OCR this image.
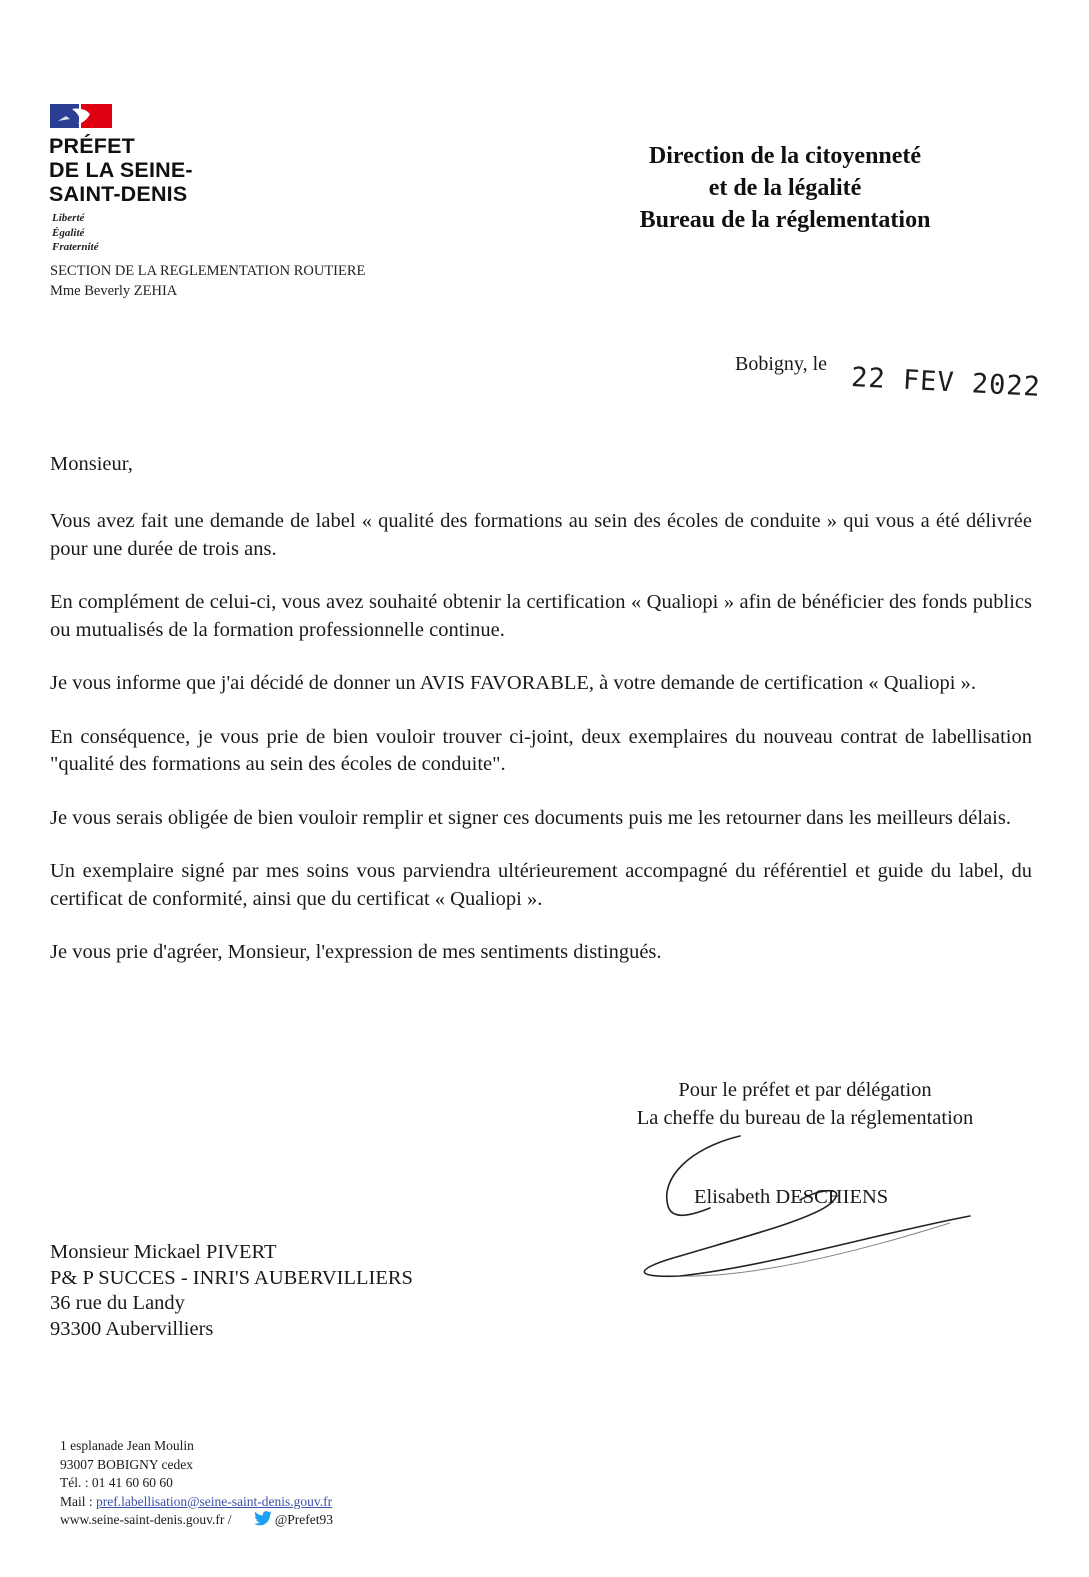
PRÉFET
DE LA SEINE-
SAINT-DENIS
Liberté
Égalité
Fraternité
SECTION DE LA REGLEMENTATION ROUTIERE
Mme Beverly ZEHIA
Direction de la citoyenneté
et de la légalité
Bureau de la réglementation
Bobigny, le 22 FEV 2022
Monsieur,

Vous avez fait une demande de label « qualité des formations au sein des écoles de conduite » qui vous a été délivrée pour une durée de trois ans.

En complément de celui-ci, vous avez souhaité obtenir la certification « Qualiopi » afin de bénéficier des fonds publics ou mutualisés de la formation professionnelle continue.

Je vous informe que j'ai décidé de donner un AVIS FAVORABLE, à votre demande de certification « Qualiopi ».

En conséquence, je vous prie de bien vouloir trouver ci-joint, deux exemplaires du nouveau contrat de labellisation "qualité des formations au sein des écoles de conduite".

Je vous serais obligée de bien vouloir remplir et signer ces documents puis me les retourner dans les meilleurs délais.

Un exemplaire signé par mes soins vous parviendra ultérieurement accompagné du référentiel et guide du label, du certificat de conformité, ainsi que du certificat « Qualiopi ».

Je vous prie d'agréer, Monsieur, l'expression de mes sentiments distingués.

Pour le préfet et par délégation
La cheffe du bureau de la réglementation
Elisabeth DESCHIENS
Monsieur Mickael PIVERT
P& P SUCCES - INRI'S AUBERVILLIERS
36 rue du Landy
93300 Aubervilliers
1 esplanade Jean Moulin
93007 BOBIGNY cedex
Tél. : 01 41 60 60 60
Mail : pref.labellisation@seine-saint-denis.gouv.fr
www.seine-saint-denis.gouv.fr /	@Prefet93
